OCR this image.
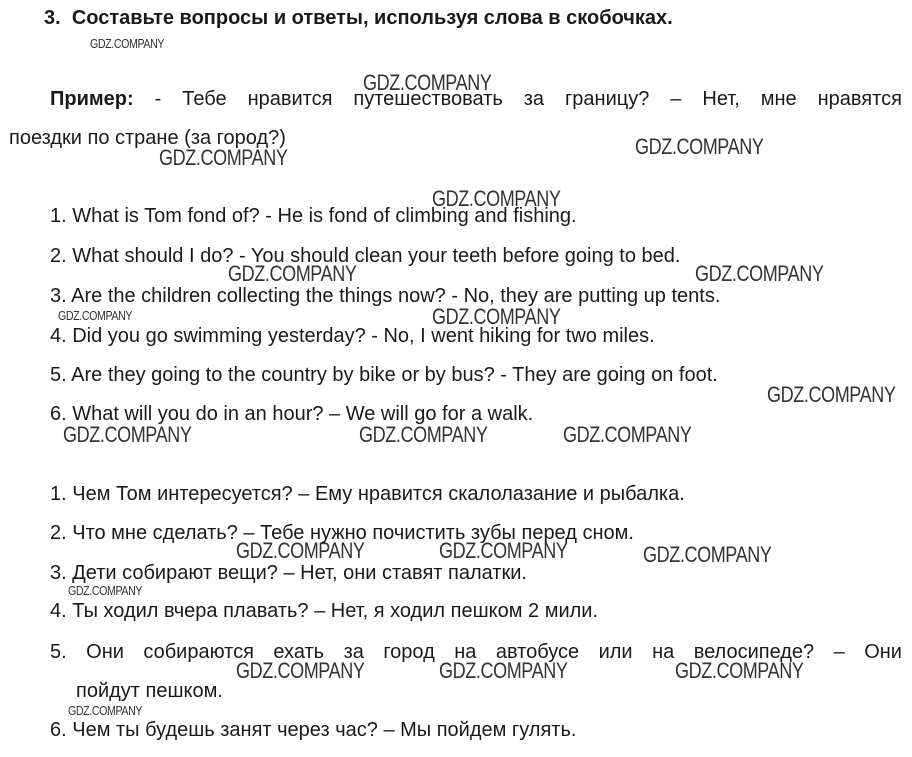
3. Составьте вопросы и ответы, используя слова в скобочках.
Пример: - Тебе нравится путешествовать за границу? – Нет, мне нравятся
поездки по стране (за город?)
1. What is Tom fond of? - He is fond of climbing and fishing.
2. What should I do? - You should clean your teeth before going to bed.
3. Are the children collecting the things now? - No, they are putting up tents.
4. Did you go swimming yesterday? - No, I went hiking for two miles.
5. Are they going to the country by bike or by bus? - They are going on foot.
6. What will you do in an hour? – We will go for a walk.
1. Чем Том интересуется? – Ему нравится скалолазание и рыбалка.
2. Что мне сделать? – Тебе нужно почистить зубы перед сном.
3. Дети собирают вещи? – Нет, они ставят палатки.
4. Ты ходил вчера плавать? – Нет, я ходил пешком 2 мили.
5. Они собираются ехать за город на автобусе или на велосипеде? – Они
пойдут пешком.
6. Чем ты будешь занят через час? – Мы пойдем гулять.
GDZ.COMPANY
GDZ.COMPANY
GDZ.COMPANY	GDZ.COMPANY
GDZ.COMPANY
GDZ.COMPANY	GDZ.COMPANY
GDZ.COMPANY
GDZ.COMPANY
GDZ.COMPANY
GDZ.COMPANY	GDZ.COMPANY	GDZ.COMPANY
GDZ.COMPANY	GDZ.COMPANY	GDZ.COMPANY
GDZ.COMPANY
GDZ.COMPANY	GDZ.COMPANY	GDZ.COMPANY
GDZ.COMPANY
